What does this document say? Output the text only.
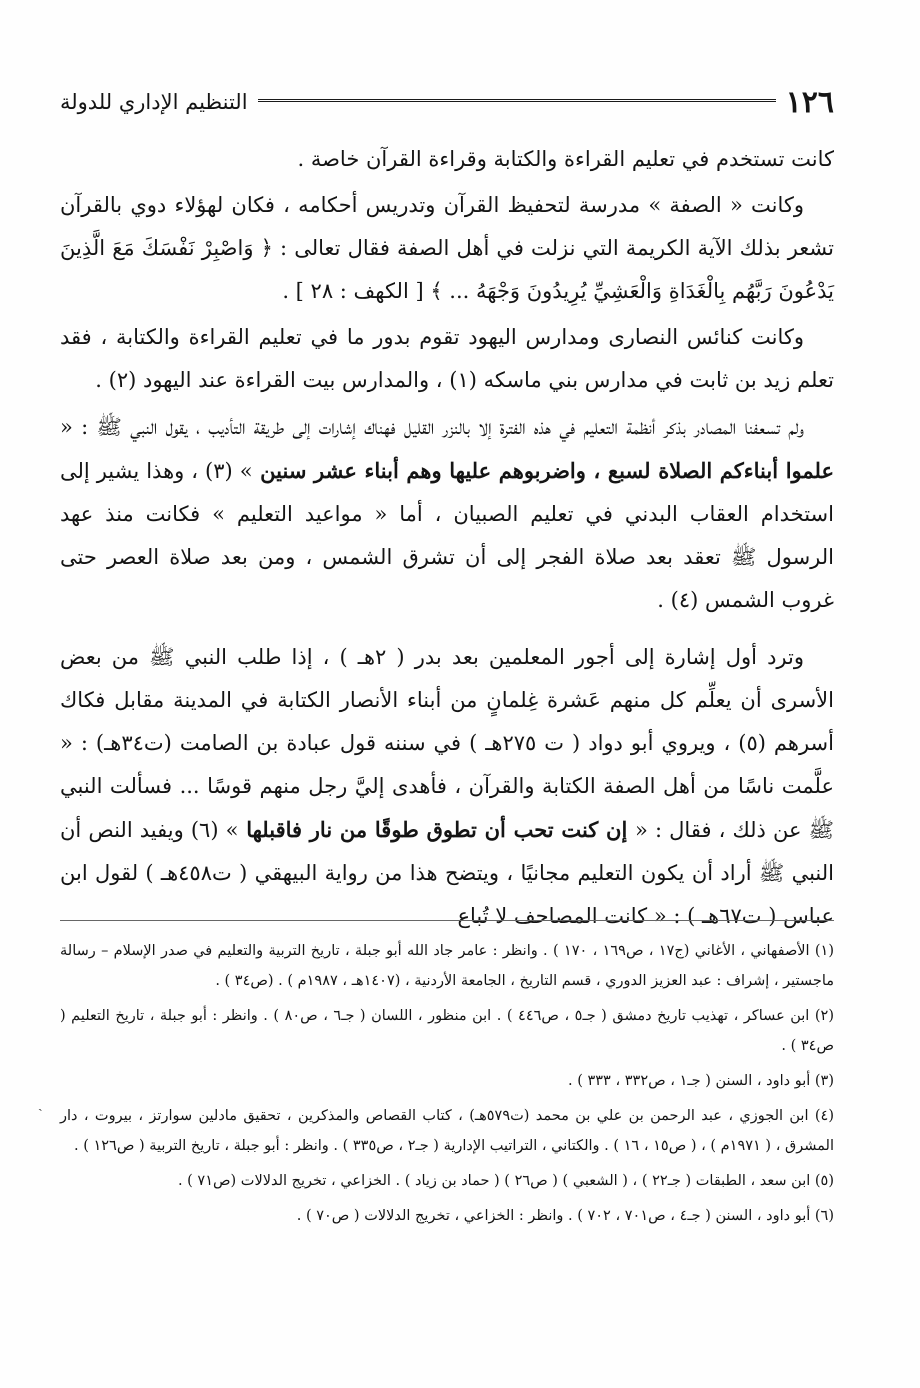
١٢٦
التنظيم الإداري للدولة

كانت تستخدم في تعليم القراءة والكتابة وقراءة القرآن خاصة .

وكانت « الصفة » مدرسة لتحفيظ القرآن وتدريس أحكامه ، فكان لهؤلاء دوي بالقرآن تشعر بذلك الآية الكريمة التي نزلت في أهل الصفة فقال تعالى : ﴿ وَاصْبِرْ نَفْسَكَ مَعَ الَّذِينَ يَدْعُونَ رَبَّهُم بِالْغَدَاةِ وَالْعَشِيِّ يُرِيدُونَ وَجْهَهُ ... ﴾ [ الكهف : ٢٨ ] .

وكانت كنائس النصارى ومدارس اليهود تقوم بدور ما في تعليم القراءة والكتابة ، فقد تعلم زيد بن ثابت في مدارس بني ماسكه (١) ، والمدارس بيت القراءة عند اليهود (٢) .

ولم تسعفنا المصادر بذكر أنظمة التعليم في هذه الفترة إلا بالنزر القليل فهناك إشارات إلى طريقة التأديب ، يقول النبي ﷺ : « علموا أبناءكم الصلاة لسبع ، واضربوهم عليها وهم أبناء عشر سنين » (٣) ، وهذا يشير إلى استخدام العقاب البدني في تعليم الصبيان ، أما « مواعيد التعليم » فكانت منذ عهد الرسول ﷺ تعقد بعد صلاة الفجر إلى أن تشرق الشمس ، ومن بعد صلاة العصر حتى غروب الشمس (٤) .

وترد أول إشارة إلى أجور المعلمين بعد بدر ( ٢هـ ) ، إذا طلب النبي ﷺ من بعض الأسرى أن يعلِّم كل منهم عَشرة غِلمانٍ من أبناء الأنصار الكتابة في المدينة مقابل فكاك أسرهم (٥) ، ويروي أبو دواد ( ت ٢٧٥هـ ) في سننه قول عبادة بن الصامت (ت٣٤هـ) : « علَّمت ناسًا من أهل الصفة الكتابة والقرآن ، فأهدى إليَّ رجل منهم قوسًا ... فسألت النبي ﷺ عن ذلك ، فقال : « إن كنت تحب أن تطوق طوقًا من نار فاقبلها » (٦) ويفيد النص أن النبي ﷺ أراد أن يكون التعليم مجانيًا ، ويتضح هذا من رواية البيهقي ( ت٤٥٨هـ ) لقول ابن عباس ( ت٦٧هـ ) : « كانت المصاحف لا تُباع

(١) الأصفهاني ، الأغاني (ج١٧ ، ص١٦٩ ، ١٧٠ ) . وانظر : عامر جاد الله أبو جبلة ، تاريخ التربية والتعليم في صدر الإسلام – رسالة ماجستير ، إشراف : عبد العزيز الدوري ، قسم التاريخ ، الجامعة الأردنية ، (١٤٠٧هـ ، ١٩٨٧م ) . (ص٣٤ ) .

(٢) ابن عساكر ، تهذيب تاريخ دمشق ( جـ٥ ، ص٤٤٦ ) . ابن منظور ، اللسان ( جـ٦ ، ص٨٠ ) . وانظر : أبو جبلة ، تاريخ التعليم ( ص٣٤ ) .

(٣) أبو داود ، السنن ( جـ١ ، ص٣٣٢ ، ٣٣٣ ) .

(٤) ابن الجوزي ، عبد الرحمن بن علي بن محمد (ت٥٧٩هـ) ، كتاب القصاص والمذكرين ، تحقيق مادلين سوارتز ، بيروت ، دار المشرق ، ( ١٩٧١م ) ، ( ص١٥ ، ١٦ ) . والكتاني ، التراتيب الإدارية ( جـ٢ ، ص٣٣٥ ) . وانظر : أبو جبلة ، تاريخ التربية ( ص١٢٦ ) .

(٥) ابن سعد ، الطبقات ( جـ٢٢ ) ، ( الشعبي ) ( ص٢٦ ) ( حماد بن زياد ) . الخزاعي ، تخريج الدلالات (ص٧١ ) .

(٦) أبو داود ، السنن ( جـ٤ ، ص٧٠١ ، ٧٠٢ ) . وانظر : الخزاعي ، تخريج الدلالات ( ص٧٠ ) .

ˎ
